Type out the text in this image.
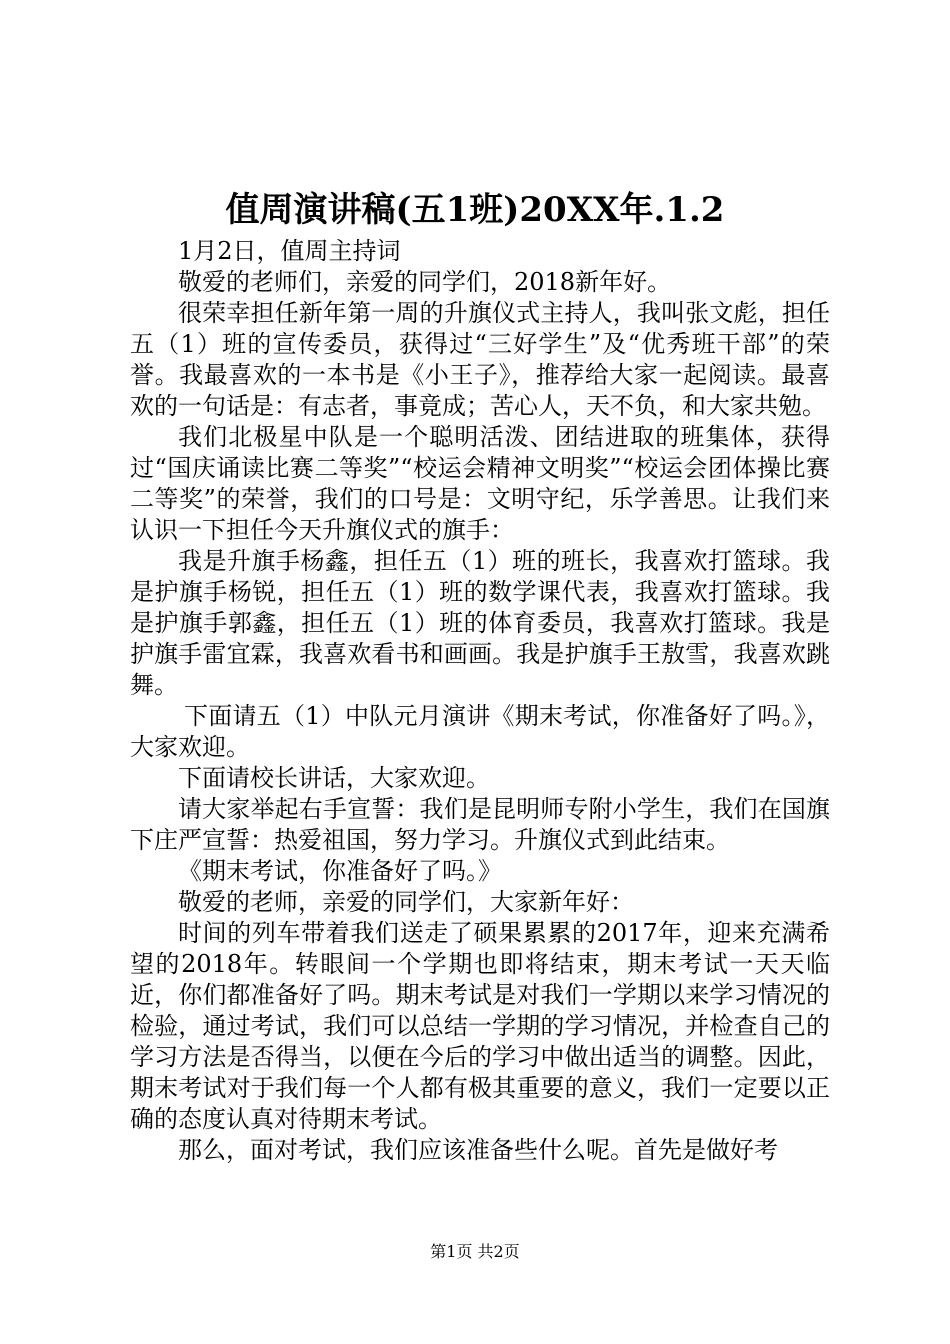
值周演讲稿(五1班)20XX年.1.2

1月2日，值周主持词

敬爱的老师们，亲爱的同学们，2018新年好。

很荣幸担任新年第一周的升旗仪式主持人，我叫张文彪，担任五（1）班的宣传委员，获得过“三好学生”及“优秀班干部”的荣誉。我最喜欢的一本书是《小王子》，推荐给大家一起阅读。最喜欢的一句话是：有志者，事竟成；苦心人，天不负，和大家共勉。

我们北极星中队是一个聪明活泼、团结进取的班集体，获得过“国庆诵读比赛二等奖”“校运会精神文明奖”“校运会团体操比赛二等奖”的荣誉，我们的口号是：文明守纪，乐学善思。让我们来认识一下担任今天升旗仪式的旗手：

我是升旗手杨鑫，担任五（1）班的班长，我喜欢打篮球。我是护旗手杨锐，担任五（1）班的数学课代表，我喜欢打篮球。我是护旗手郭鑫，担任五（1）班的体育委员，我喜欢打篮球。我是护旗手雷宜霖，我喜欢看书和画画。我是护旗手王敖雪，我喜欢跳舞。

下面请五（1）中队元月演讲《期末考试，你准备好了吗。》，大家欢迎。

下面请校长讲话，大家欢迎。

请大家举起右手宣誓：我们是昆明师专附小学生，我们在国旗下庄严宣誓：热爱祖国，努力学习。升旗仪式到此结束。

《期末考试，你准备好了吗。》

敬爱的老师，亲爱的同学们，大家新年好：

时间的列车带着我们送走了硕果累累的2017年，迎来充满希望的2018年。转眼间一个学期也即将结束，期末考试一天天临近，你们都准备好了吗。期末考试是对我们一学期以来学习情况的检验，通过考试，我们可以总结一学期的学习情况，并检查自己的学习方法是否得当，以便在今后的学习中做出适当的调整。因此，期末考试对于我们每一个人都有极其重要的意义，我们一定要以正确的态度认真对待期末考试。

那么，面对考试，我们应该准备些什么呢。首先是做好考

第1页 共2页
